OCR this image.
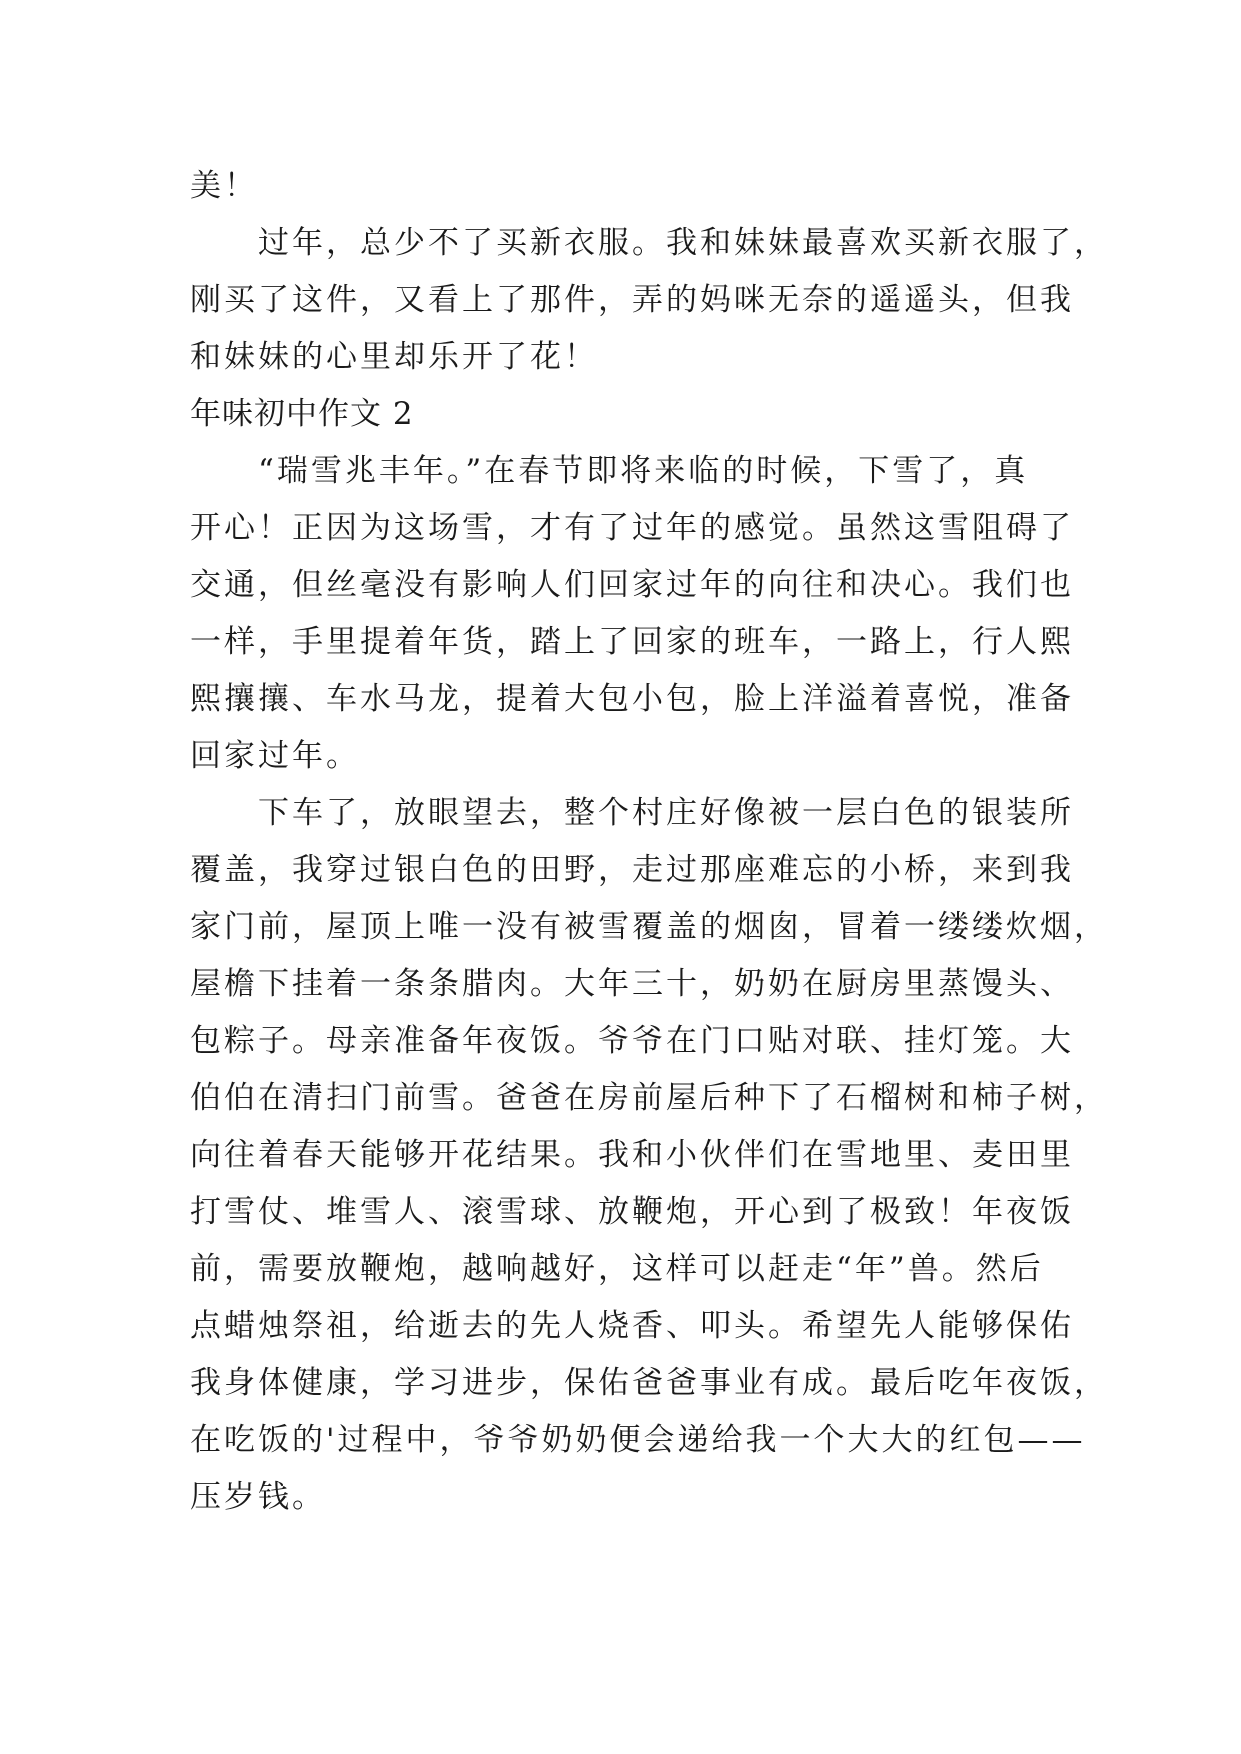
美！
过年，总少不了买新衣服。我和妹妹最喜欢买新衣服了，
刚买了这件，又看上了那件，弄的妈咪无奈的遥遥头，但我
和妹妹的心里却乐开了花！
年味初中作文 2
“瑞雪兆丰年。”在春节即将来临的时候，下雪了，真
开心！正因为这场雪，才有了过年的感觉。虽然这雪阻碍了
交通，但丝毫没有影响人们回家过年的向往和决心。我们也
一样，手里提着年货，踏上了回家的班车，一路上，行人熙
熙攘攘、车水马龙，提着大包小包，脸上洋溢着喜悦，准备
回家过年。
下车了，放眼望去，整个村庄好像被一层白色的银装所
覆盖，我穿过银白色的田野，走过那座难忘的小桥，来到我
家门前，屋顶上唯一没有被雪覆盖的烟囱，冒着一缕缕炊烟，
屋檐下挂着一条条腊肉。大年三十，奶奶在厨房里蒸馒头、
包粽子。母亲准备年夜饭。爷爷在门口贴对联、挂灯笼。大
伯伯在清扫门前雪。爸爸在房前屋后种下了石榴树和柿子树，
向往着春天能够开花结果。我和小伙伴们在雪地里、麦田里
打雪仗、堆雪人、滚雪球、放鞭炮，开心到了极致！年夜饭
前，需要放鞭炮，越响越好，这样可以赶走“年”兽。然后
点蜡烛祭祖，给逝去的先人烧香、叩头。希望先人能够保佑
我身体健康，学习进步，保佑爸爸事业有成。最后吃年夜饭，
在吃饭的'过程中，爷爷奶奶便会递给我一个大大的红包——
压岁钱。
